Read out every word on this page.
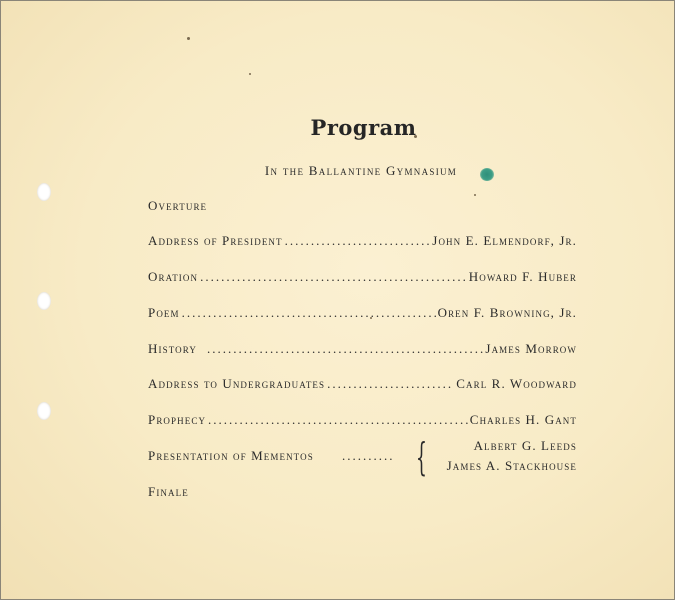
Program
In the Ballantine Gymnasium
Overture
Address of President .....	John E. Elmendorf, Jr.
Oration .....	Howard F. Huber
Poem .....	Oren F. Browning, Jr.
History .....	James Morrow
Address to Undergraduates .....	Carl R. Woodward
Prophecy .....	Charles H. Gant
Presentation of Mementos .......... {	Albert G. Leeds
James A. Stackhouse
Finale
